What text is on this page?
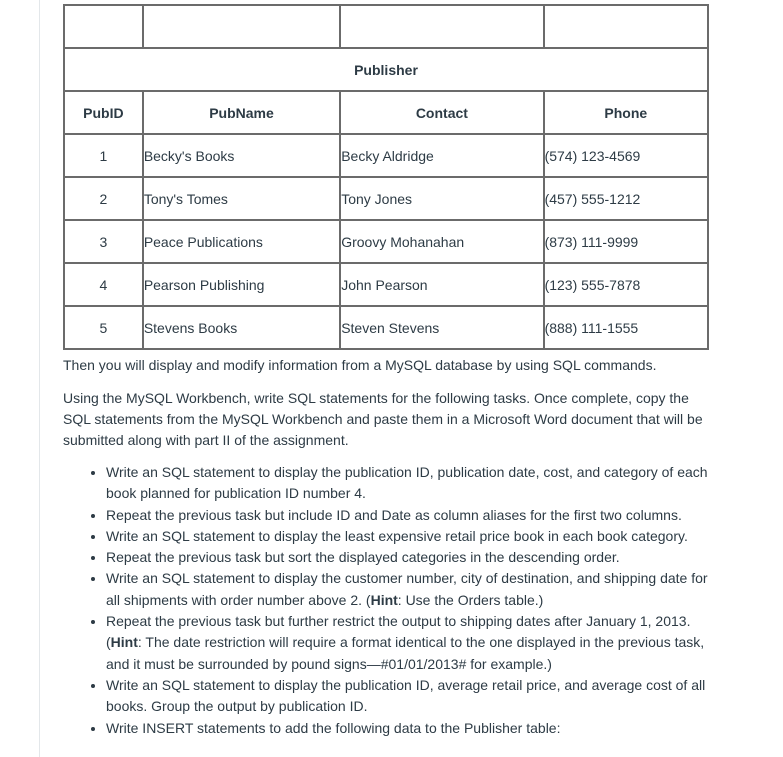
Publisher			
PubID	PubName	Contact	Phone
1	Becky's Books	Becky Aldridge	(574) 123-4569
2	Tony's Tomes	Tony Jones	(457) 555-1212
3	Peace Publications	Groovy Mohanahan	(873) 111-9999
4	Pearson Publishing	John Pearson	(123) 555-7878
5	Stevens Books	Steven Stevens	(888) 111-1555

Then you will display and modify information from a MySQL database by using SQL commands.

Using the MySQL Workbench, write SQL statements for the following tasks. Once complete, copy the SQL statements from the MySQL Workbench and paste them in a Microsoft Word document that will be submitted along with part II of the assignment.

• Write an SQL statement to display the publication ID, publication date, cost, and category of each book planned for publication ID number 4.
• Repeat the previous task but include ID and Date as column aliases for the first two columns.
• Write an SQL statement to display the least expensive retail price book in each book category.
• Repeat the previous task but sort the displayed categories in the descending order.
• Write an SQL statement to display the customer number, city of destination, and shipping date for all shipments with order number above 2. (Hint: Use the Orders table.)
• Repeat the previous task but further restrict the output to shipping dates after January 1, 2013. (Hint: The date restriction will require a format identical to the one displayed in the previous task, and it must be surrounded by pound signs—#01/01/2013# for example.)
• Write an SQL statement to display the publication ID, average retail price, and average cost of all books. Group the output by publication ID.
• Write INSERT statements to add the following data to the Publisher table:
